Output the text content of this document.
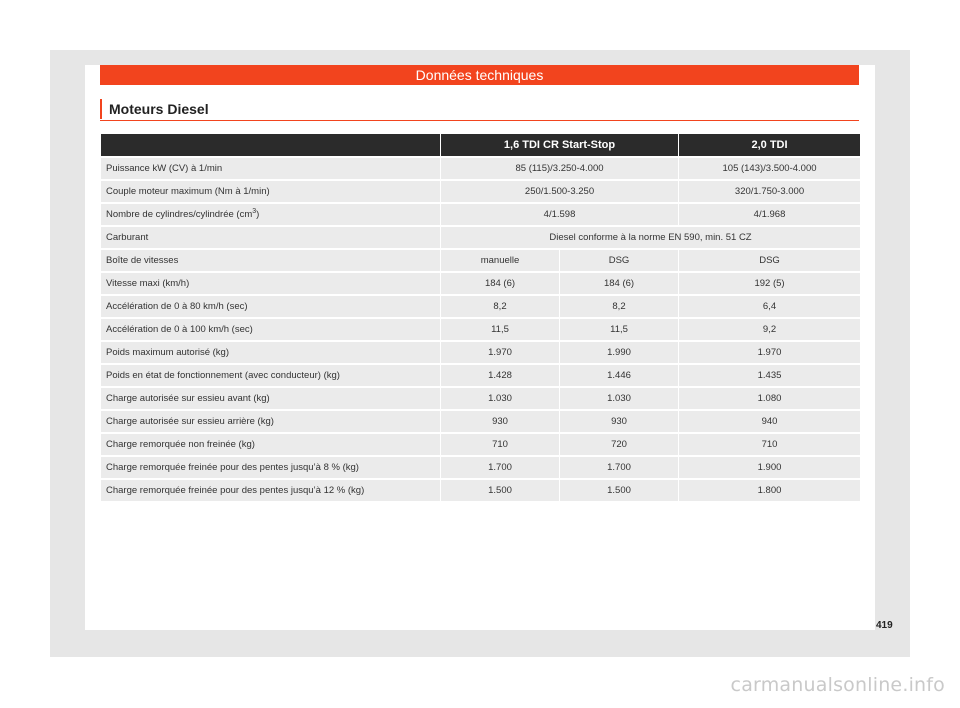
Données techniques
Moteurs Diesel
	1,6 TDI CR Start-Stop		2,0 TDI
Puissance kW (CV) à 1/min	85 (115)/3.250-4.000		105 (143)/3.500-4.000
Couple moteur maximum (Nm à 1/min)	250/1.500-3.250		320/1.750-3.000
Nombre de cylindres/cylindrée $(cm^3)$	4/1.598		4/1.968
Carburant	Diesel conforme à la norme EN 590, min. 51 CZ		
Boîte de vitesses	manuelle	DSG	DSG
Vitesse maxi (km/h)	184 (6)	184 (6)	192 (5)
Accélération de 0 à 80 km/h (sec)	8,2	8,2	6,4
Accélération de 0 à 100 km/h (sec)	11,5	11,5	9,2
Poids maximum autorisé (kg)	1.970	1.990	1.970
Poids en état de fonctionnement (avec conducteur) (kg)	1.428	1.446	1.435
Charge autorisée sur essieu avant (kg)	1.030	1.030	1.080
Charge autorisée sur essieu arrière (kg)	930	930	940
Charge remorquée non freinée (kg)	710	720	710
Charge remorquée freinée pour des pentes jusqu’à 8 % (kg)	1.700	1.700	1.900
Charge remorquée freinée pour des pentes jusqu’à 12 % (kg)	1.500	1.500	1.800
419
carmanualsonline.info
